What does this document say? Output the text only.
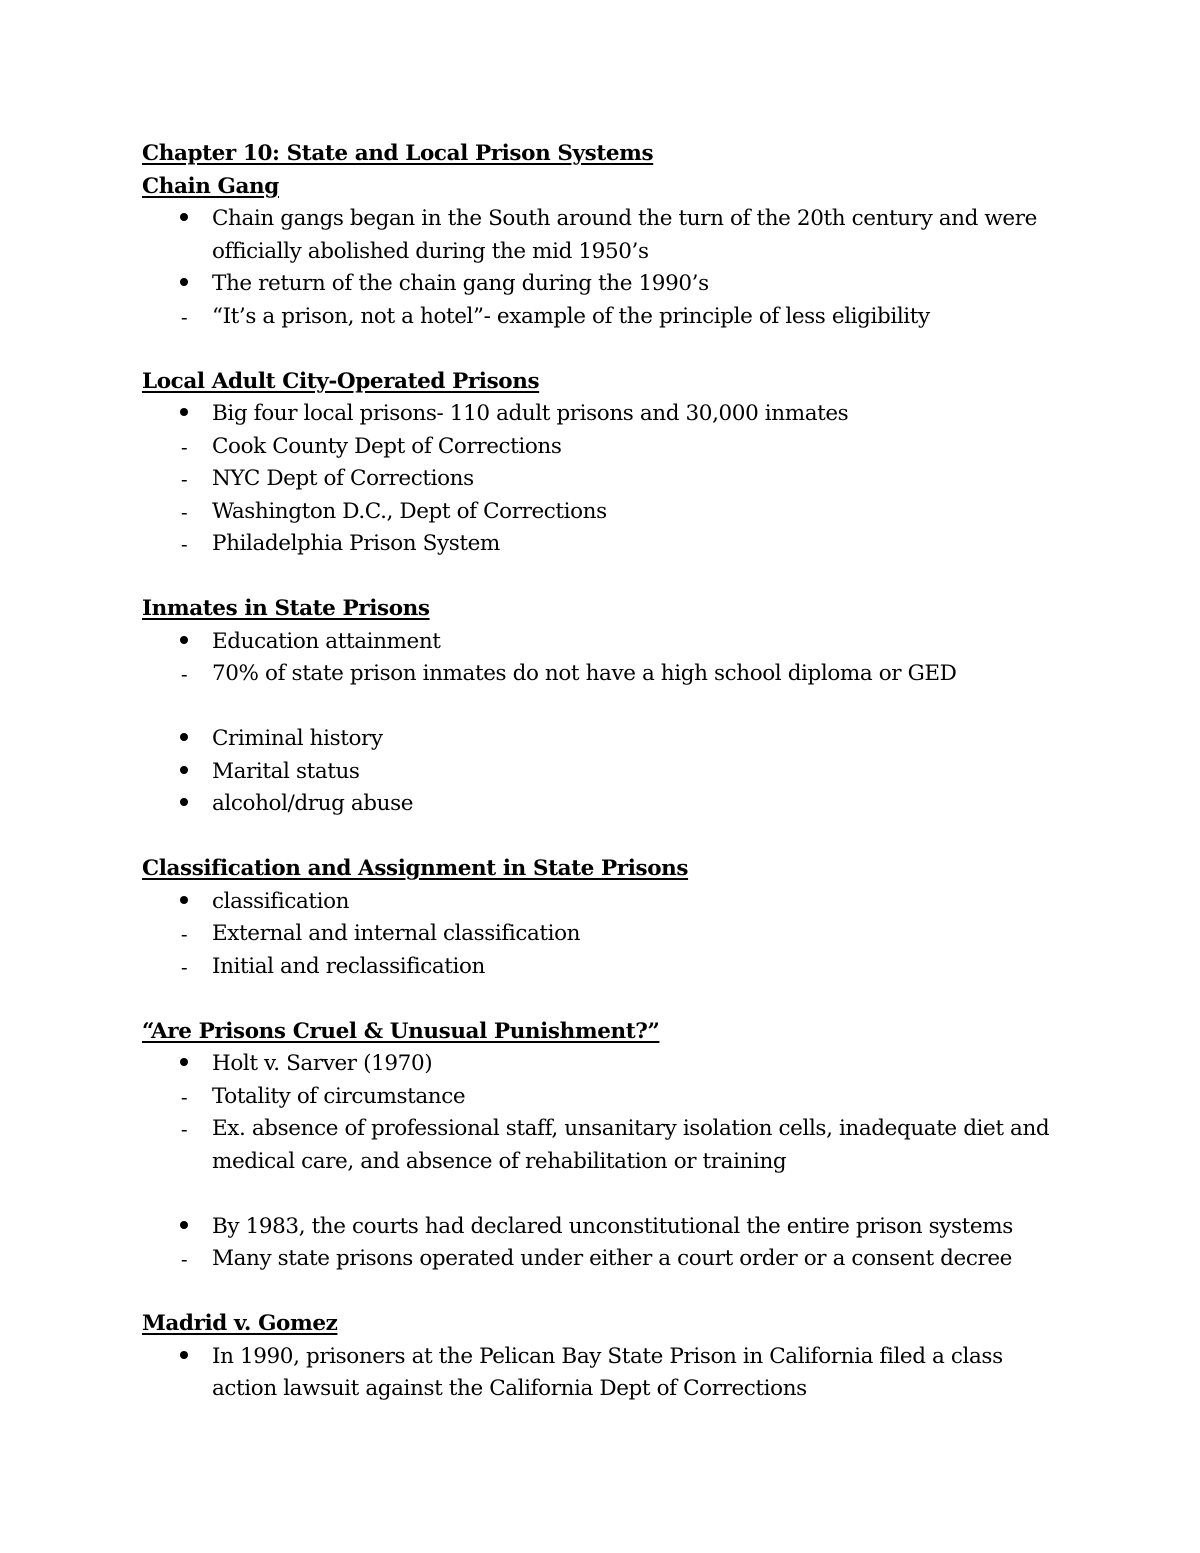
Chapter 10: State and Local Prison Systems
Chain Gang
Chain gangs began in the South around the turn of the 20th century and were officially abolished during the mid 1950’s
The return of the chain gang during the 1990’s
-	“It’s a prison, not a hotel”- example of the principle of less eligibility
Local Adult City-Operated Prisons
Big four local prisons- 110 adult prisons and 30,000 inmates
-	Cook County Dept of Corrections
-	NYC Dept of Corrections
-	Washington D.C., Dept of Corrections
-	Philadelphia Prison System
Inmates in State Prisons
Education attainment
-	70% of state prison inmates do not have a high school diploma or GED
Criminal history
Marital status
alcohol/drug abuse
Classification and Assignment in State Prisons
classification
-	External and internal classification
-	Initial and reclassification
“Are Prisons Cruel & Unusual Punishment?”
Holt v. Sarver (1970)
-	Totality of circumstance
-	Ex. absence of professional staff, unsanitary isolation cells, inadequate diet and medical care, and absence of rehabilitation or training
By 1983, the courts had declared unconstitutional the entire prison systems
-	Many state prisons operated under either a court order or a consent decree
Madrid v. Gomez
In 1990, prisoners at the Pelican Bay State Prison in California filed a class action lawsuit against the California Dept of Corrections
